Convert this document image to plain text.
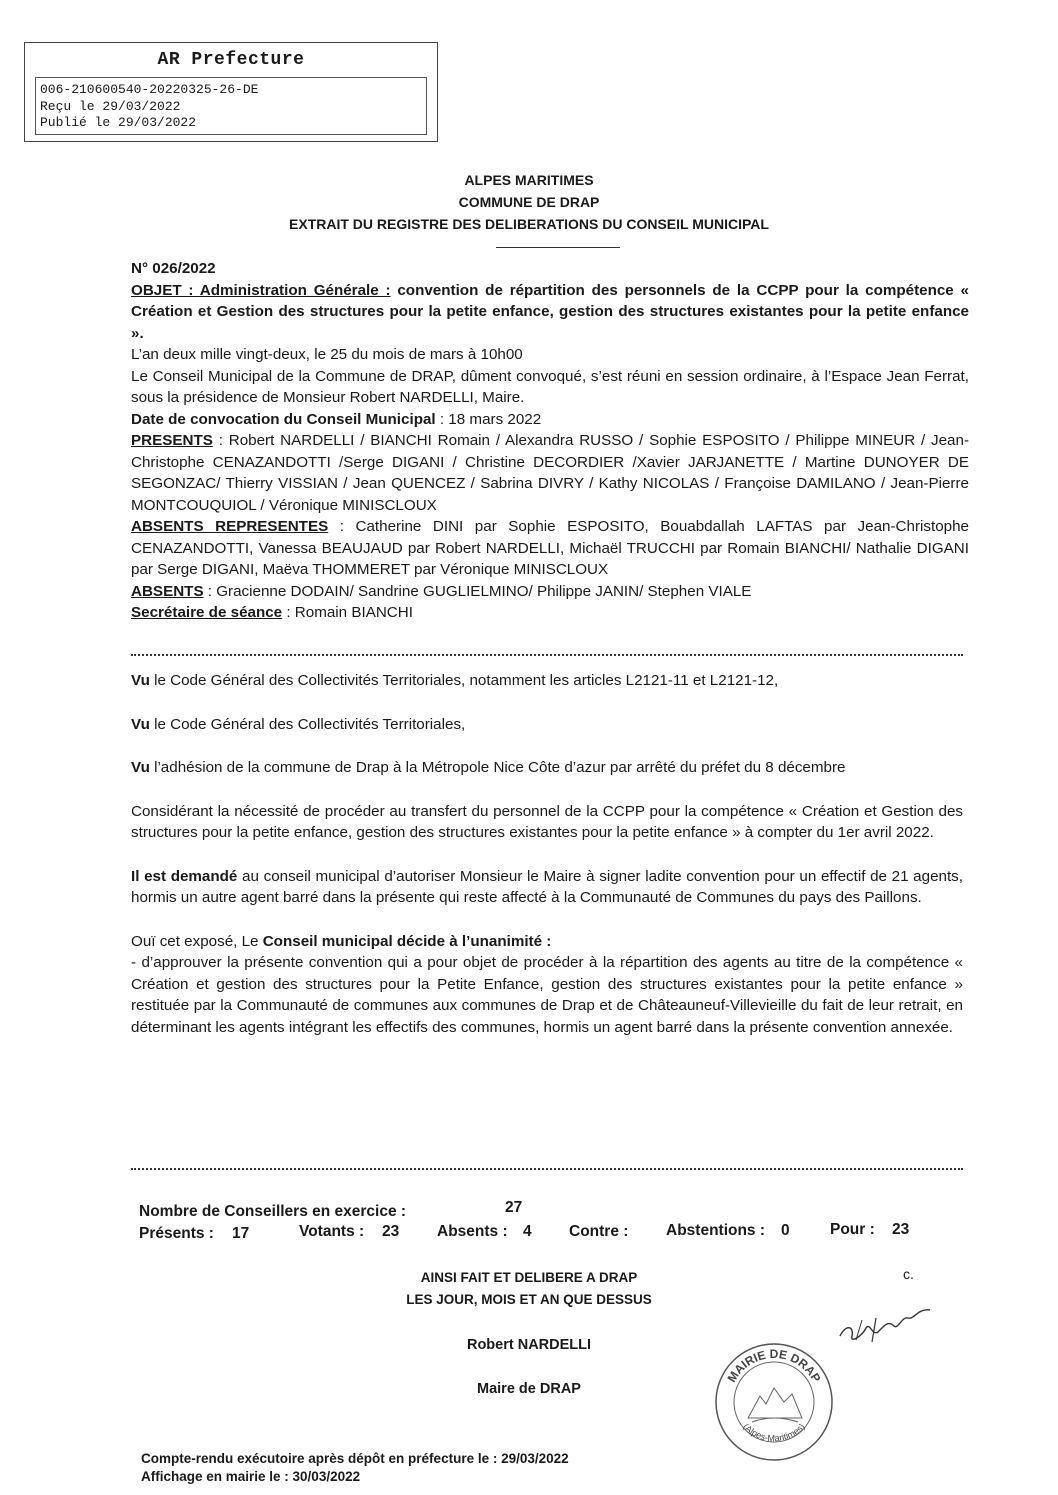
AR Prefecture
006-210600540-20220325-26-DE
Reçu le 29/03/2022
Publié le 29/03/2022
ALPES MARITIMES
COMMUNE DE DRAP
EXTRAIT DU REGISTRE DES DELIBERATIONS DU CONSEIL MUNICIPAL

N° 026/2022

OBJET : Administration Générale : convention de répartition des personnels de la CCPP pour la compétence « Création et Gestion des structures pour la petite enfance, gestion des structures existantes pour la petite enfance ».

L’an deux mille vingt-deux, le 25 du mois de mars à 10h00

Le Conseil Municipal de la Commune de DRAP, dûment convoqué, s’est réuni en session ordinaire, à l’Espace Jean Ferrat, sous la présidence de Monsieur Robert NARDELLI, Maire.

Date de convocation du Conseil Municipal : 18 mars 2022

PRESENTS : Robert NARDELLI / BIANCHI Romain / Alexandra RUSSO / Sophie ESPOSITO / Philippe MINEUR / Jean-Christophe CENAZANDOTTI /Serge DIGANI / Christine DECORDIER /Xavier JARJANETTE / Martine DUNOYER DE SEGONZAC/ Thierry VISSIAN / Jean QUENCEZ / Sabrina DIVRY / Kathy NICOLAS / Françoise DAMILANO / Jean-Pierre MONTCOUQUIOL / Véronique MINISCLOUX

ABSENTS REPRESENTES : Catherine DINI par Sophie ESPOSITO, Bouabdallah LAFTAS par Jean-Christophe CENAZANDOTTI, Vanessa BEAUJAUD par Robert NARDELLI, Michaël TRUCCHI par Romain BIANCHI/ Nathalie DIGANI par Serge DIGANI, Maëva THOMMERET par Véronique MINISCLOUX

ABSENTS : Gracienne DODAIN/ Sandrine GUGLIELMINO/ Philippe JANIN/ Stephen VIALE

Secrétaire de séance : Romain BIANCHI

Vu le Code Général des Collectivités Territoriales, notamment les articles L2121-11 et L2121-12,

Vu le Code Général des Collectivités Territoriales,

Vu l’adhésion de la commune de Drap à la Métropole Nice Côte d’azur par arrêté du préfet du 8 décembre

Considérant la nécessité de procéder au transfert du personnel de la CCPP pour la compétence « Création et Gestion des structures pour la petite enfance, gestion des structures existantes pour la petite enfance » à compter du 1er avril 2022.

Il est demandé au conseil municipal d’autoriser Monsieur le Maire à signer ladite convention pour un effectif de 21 agents, hormis un autre agent barré dans la présente qui reste affecté à la Communauté de Communes du pays des Paillons.

Ouï cet exposé, Le Conseil municipal décide à l’unanimité :

- d’approuver la présente convention qui a pour objet de procéder à la répartition des agents au titre de la compétence « Création et gestion des structures pour la Petite Enfance, gestion des structures existantes pour la petite enfance » restituée par la Communauté de communes aux communes de Drap et de Châteauneuf-Villevieille du fait de leur retrait, en déterminant les agents intégrant les effectifs des communes, hormis un agent barré dans la présente convention annexée.

Nombre de Conseillers en exercice :	27
Présents : 17	Votants : 23 Absents : 4 Contre : Abstentions : 0	Pour : 23
AINSI FAIT ET DELIBERE A DRAP
LES JOUR, MOIS ET AN QUE DESSUS
Robert NARDELLI
Maire de DRAP
c.
MAIRIE DE DRAP
(Alpes-Maritimes)
Compte-rendu exécutoire après dépôt en préfecture le : 29/03/2022
Affichage en mairie le : 30/03/2022
